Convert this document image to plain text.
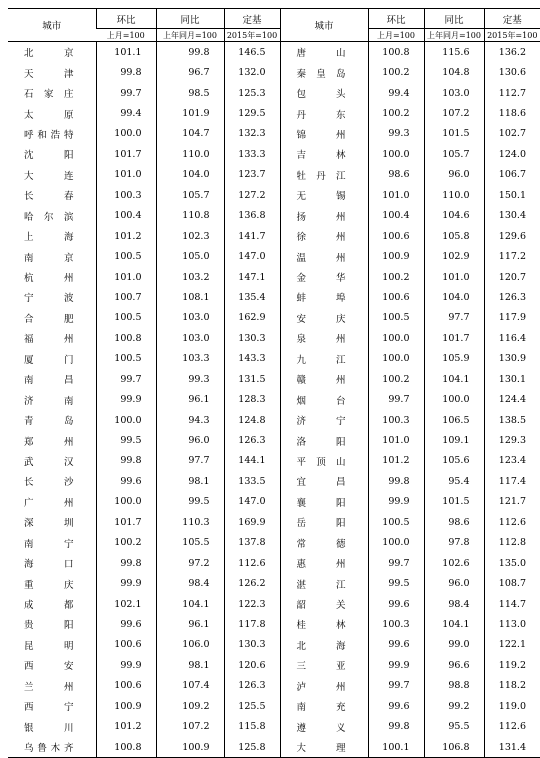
城市	环比	同比	定基	城市	环比	同比	定基
	上月=100	上年同月=100	2015年=100		上月=100	上年同月=100	2015年=100
北　京	101.1	99.8	146.5	唐　山	100.8	115.6	136.2
天　津	99.8	96.7	132.0	秦皇岛	100.2	104.8	130.6
石家庄	99.7	98.5	125.3	包　头	99.4	103.0	112.7
太　原	99.4	101.9	129.5	丹　东	100.2	107.2	118.6
呼和浩特	100.0	104.7	132.3	锦　州	99.3	101.5	102.7
沈　阳	101.7	110.0	133.3	吉　林	100.0	105.7	124.0
大　连	101.0	104.0	123.7	牡丹江	98.6	96.0	106.7
长　春	100.3	105.7	127.2	无　锡	101.0	110.0	150.1
哈尔滨	100.4	110.8	136.8	扬　州	100.4	104.6	130.4
上　海	101.2	102.3	141.7	徐　州	100.6	105.8	129.6
南　京	100.5	105.0	147.0	温　州	100.9	102.9	117.2
杭　州	101.0	103.2	147.1	金　华	100.2	101.0	120.7
宁　波	100.7	108.1	135.4	蚌　埠	100.6	104.0	126.3
合　肥	100.5	103.0	162.9	安　庆	100.5	97.7	117.9
福　州	100.8	103.0	130.3	泉　州	100.0	101.7	116.4
厦　门	100.5	103.3	143.3	九　江	100.0	105.9	130.9
南　昌	99.7	99.3	131.5	赣　州	100.2	104.1	130.1
济　南	99.9	96.1	128.3	烟　台	99.7	100.0	124.4
青　岛	100.0	94.3	124.8	济　宁	100.3	106.5	138.5
郑　州	99.5	96.0	126.3	洛　阳	101.0	109.1	129.3
武　汉	99.8	97.7	144.1	平顶山	101.2	105.6	123.4
长　沙	99.6	98.1	133.5	宜　昌	99.8	95.4	117.4
广　州	100.0	99.5	147.0	襄　阳	99.9	101.5	121.7
深　圳	101.7	110.3	169.9	岳　阳	100.5	98.6	112.6
南　宁	100.2	105.5	137.8	常　德	100.0	97.8	112.8
海　口	99.8	97.2	112.6	惠　州	99.7	102.6	135.0
重　庆	99.9	98.4	126.2	湛　江	99.5	96.0	108.7
成　都	102.1	104.1	122.3	韶　关	99.6	98.4	114.7
贵　阳	99.6	96.1	117.8	桂　林	100.3	104.1	113.0
昆　明	100.6	106.0	130.3	北　海	99.6	99.0	122.1
西　安	99.9	98.1	120.6	三　亚	99.9	96.6	119.2
兰　州	100.6	107.4	126.3	泸　州	99.7	98.8	118.2
西　宁	100.9	109.2	125.5	南　充	99.6	99.2	119.0
银　川	101.2	107.2	115.8	遵　义	99.8	95.5	112.6
乌鲁木齐	100.8	100.9	125.8	大　理	100.1	106.8	131.4
